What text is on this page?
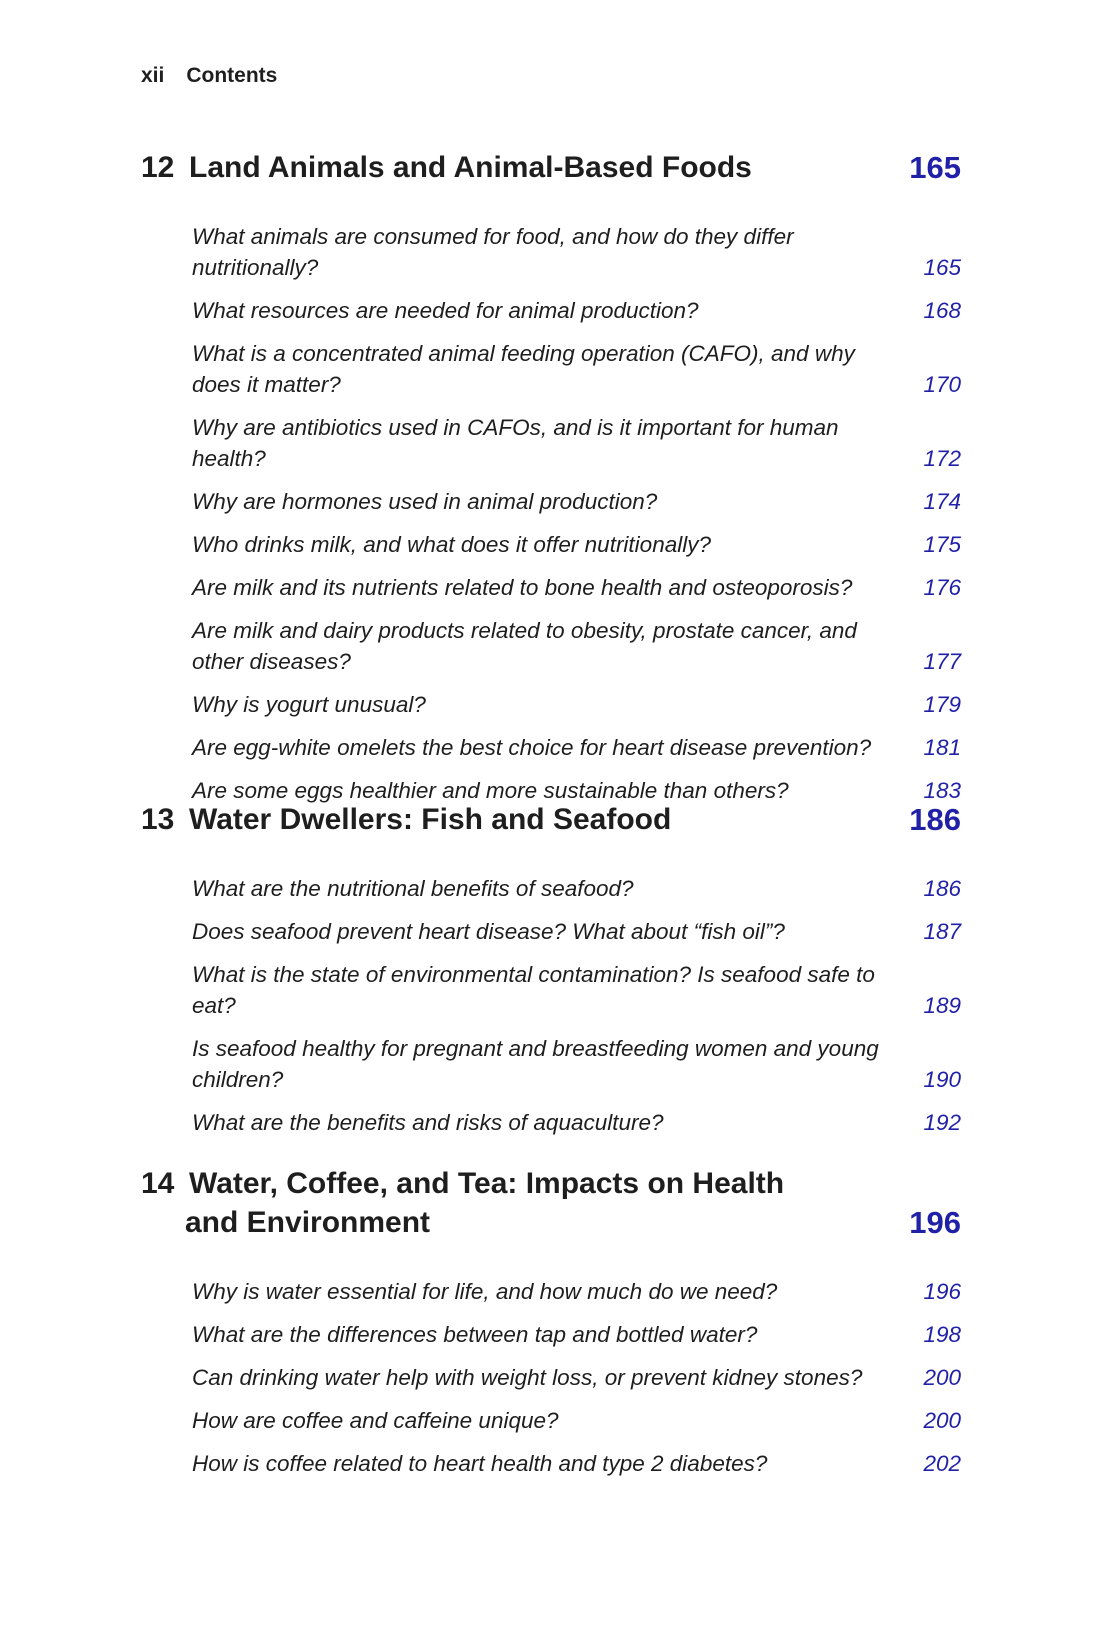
xii Contents
12 Land Animals and Animal-Based Foods	165
What animals are consumed for food, and how do they differ nutritionally?	165
What resources are needed for animal production?	168
What is a concentrated animal feeding operation (CAFO), and why does it matter?	170
Why are antibiotics used in CAFOs, and is it important for human health?	172
Why are hormones used in animal production?	174
Who drinks milk, and what does it offer nutritionally?	175
Are milk and its nutrients related to bone health and osteoporosis?	176
Are milk and dairy products related to obesity, prostate cancer, and other diseases?	177
Why is yogurt unusual?	179
Are egg-white omelets the best choice for heart disease prevention?	181
Are some eggs healthier and more sustainable than others?	183
13 Water Dwellers: Fish and Seafood	186
What are the nutritional benefits of seafood?	186
Does seafood prevent heart disease? What about “fish oil”?	187
What is the state of environmental contamination? Is seafood safe to eat?	189
Is seafood healthy for pregnant and breastfeeding women and young children?	190
What are the benefits and risks of aquaculture?	192
14 Water, Coffee, and Tea: Impacts on Health
and Environment	196
Why is water essential for life, and how much do we need?	196
What are the differences between tap and bottled water?	198
Can drinking water help with weight loss, or prevent kidney stones?	200
How are coffee and caffeine unique?	200
How is coffee related to heart health and type 2 diabetes?	202
